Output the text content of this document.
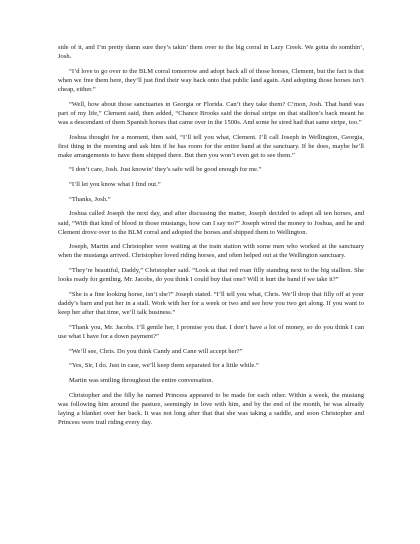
side of it, and I’m pretty damn sure they’s takin’ them over to the big corral in Lazy Creek. We gotta do somthin’, Josh.

“I’d love to go over to the BLM corral tomorrow and adopt back all of those horses, Clement, but the fact is that when we free them here, they’ll just find their way back onto that public land again. And adopting those horses isn’t cheap, either.”

“Well, how about those sanctuaries in Georgia or Florida. Can’t they take them? C’mon, Josh. That band was part of my life,” Clement said, then added, “Chance Brooks said the dorsal stripe on that stallion’s back meant he was a descendant of them Spanish horses that came over in the 1500s. And some he sired had that same stripe, too.”

Joshua thought for a moment, then said, “I’ll tell you what, Clement. I’ll call Joseph in Wellington, Georgia, first thing in the morning and ask him if he has room for the entire band at the sanctuary. If he does, maybe he’ll make arrangements to have them shipped there. But then you won’t even get to see them.”

“I don’t care, Josh. Just knowin’ they’s safe will be good enough for me.”

“I’ll let you know what I find out.”

“Thanks, Josh.”

Joshua called Joseph the next day, and after discussing the matter, Joseph decided to adopt all ten horses, and said, “With that kind of blood in those mustangs, how can I say no?” Joseph wired the money to Joshua, and he and Clement drove over to the BLM corral and adopted the horses and shipped them to Wellington.

Joseph, Martin and Christopher were waiting at the train station with some men who worked at the sanctuary when the mustangs arrived. Christopher loved riding horses, and often helped out at the Wellington sanctuary.

“They’re beautiful, Daddy,” Christopher said. “Look at that red roan filly standing next to the big stallion. She looks ready for gentling. Mr. Jacobs, do you think I could buy that one? Will it hurt the band if we take it?”

“She is a fine looking horse, isn’t she?” Joseph stated. “I’ll tell you what, Chris. We’ll drop that filly off at your daddy’s barn and put her in a stall. Work with her for a week or two and see how you two get along. If you want to keep her after that time, we’ll talk business.”

“Thank you, Mr. Jacobs. I’ll gentle her, I promise you that. I don’t have a lot of money, so do you think I can use what I have for a down payment?”

“We’ll see, Chris. Do you think Candy and Cane will accept her?”

“Yes, Sir, I do. Just in case, we’ll keep them separated for a little while.”

Martin was smiling throughout the entire conversation.

Christopher and the filly he named Princess appeared to be made for each other. Within a week, the mustang was following him around the pasture, seemingly in love with him, and by the end of the month, he was already laying a blanket over her back. It was not long after that that she was taking a saddle, and soon Christopher and Princess were trail riding every day.
